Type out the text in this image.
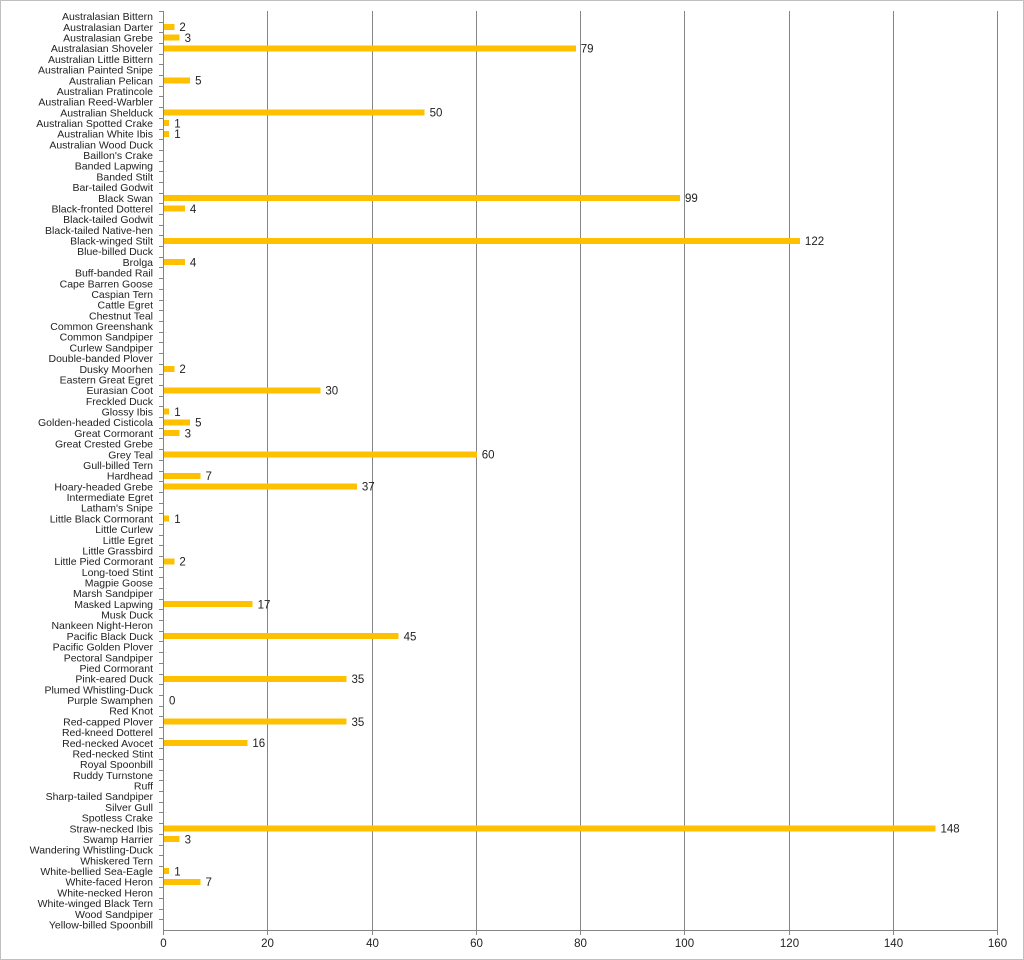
Australasian Bittern
Australasian Darter
Australasian Grebe
Australasian Shoveler
Australian Little Bittern
Australian Painted Snipe
Australian Pelican
Australian Pratincole
Australian Reed-Warbler
Australian Shelduck
Australian Spotted Crake
Australian White Ibis
Australian Wood Duck
Baillon's Crake
Banded Lapwing
Banded Stilt
Bar-tailed Godwit
Black Swan
Black-fronted Dotterel
Black-tailed Godwit
Black-tailed Native-hen
Black-winged Stilt
Blue-billed Duck
Brolga
Buff-banded Rail
Cape Barren Goose
Caspian Tern
Cattle Egret
Chestnut Teal
Common Greenshank
Common Sandpiper
Curlew Sandpiper
Double-banded Plover
Dusky Moorhen
Eastern Great Egret
Eurasian Coot
Freckled Duck
Glossy Ibis
Golden-headed Cisticola
Great Cormorant
Great Crested Grebe
Grey Teal
Gull-billed Tern
Hardhead
Hoary-headed Grebe
Intermediate Egret
Latham's Snipe
Little Black Cormorant
Little Curlew
Little Egret
Little Grassbird
Little Pied Cormorant
Long-toed Stint
Magpie Goose
Marsh Sandpiper
Masked Lapwing
Musk Duck
Nankeen Night-Heron
Pacific Black Duck
Pacific Golden Plover
Pectoral Sandpiper
Pied Cormorant
Pink-eared Duck
Plumed Whistling-Duck
Purple Swamphen
Red Knot
Red-capped Plover
Red-kneed Dotterel
Red-necked Avocet
Red-necked Stint
Royal Spoonbill
Ruddy Turnstone
Ruff
Sharp-tailed Sandpiper
Silver Gull
Spotless Crake
Straw-necked Ibis
Swamp Harrier
Wandering Whistling-Duck
Whiskered Tern
White-bellied Sea-Eagle
White-faced Heron
White-necked Heron
White-winged Black Tern
Wood Sandpiper
Yellow-billed Spoonbill
0	20	40	60	80	100	120	140	160
2
3
79
5
50
1
1
99
4
122
4
2
30
1
5
3
60
7
37
1
2
17
45
35
0
35
16
148
3
1
7
